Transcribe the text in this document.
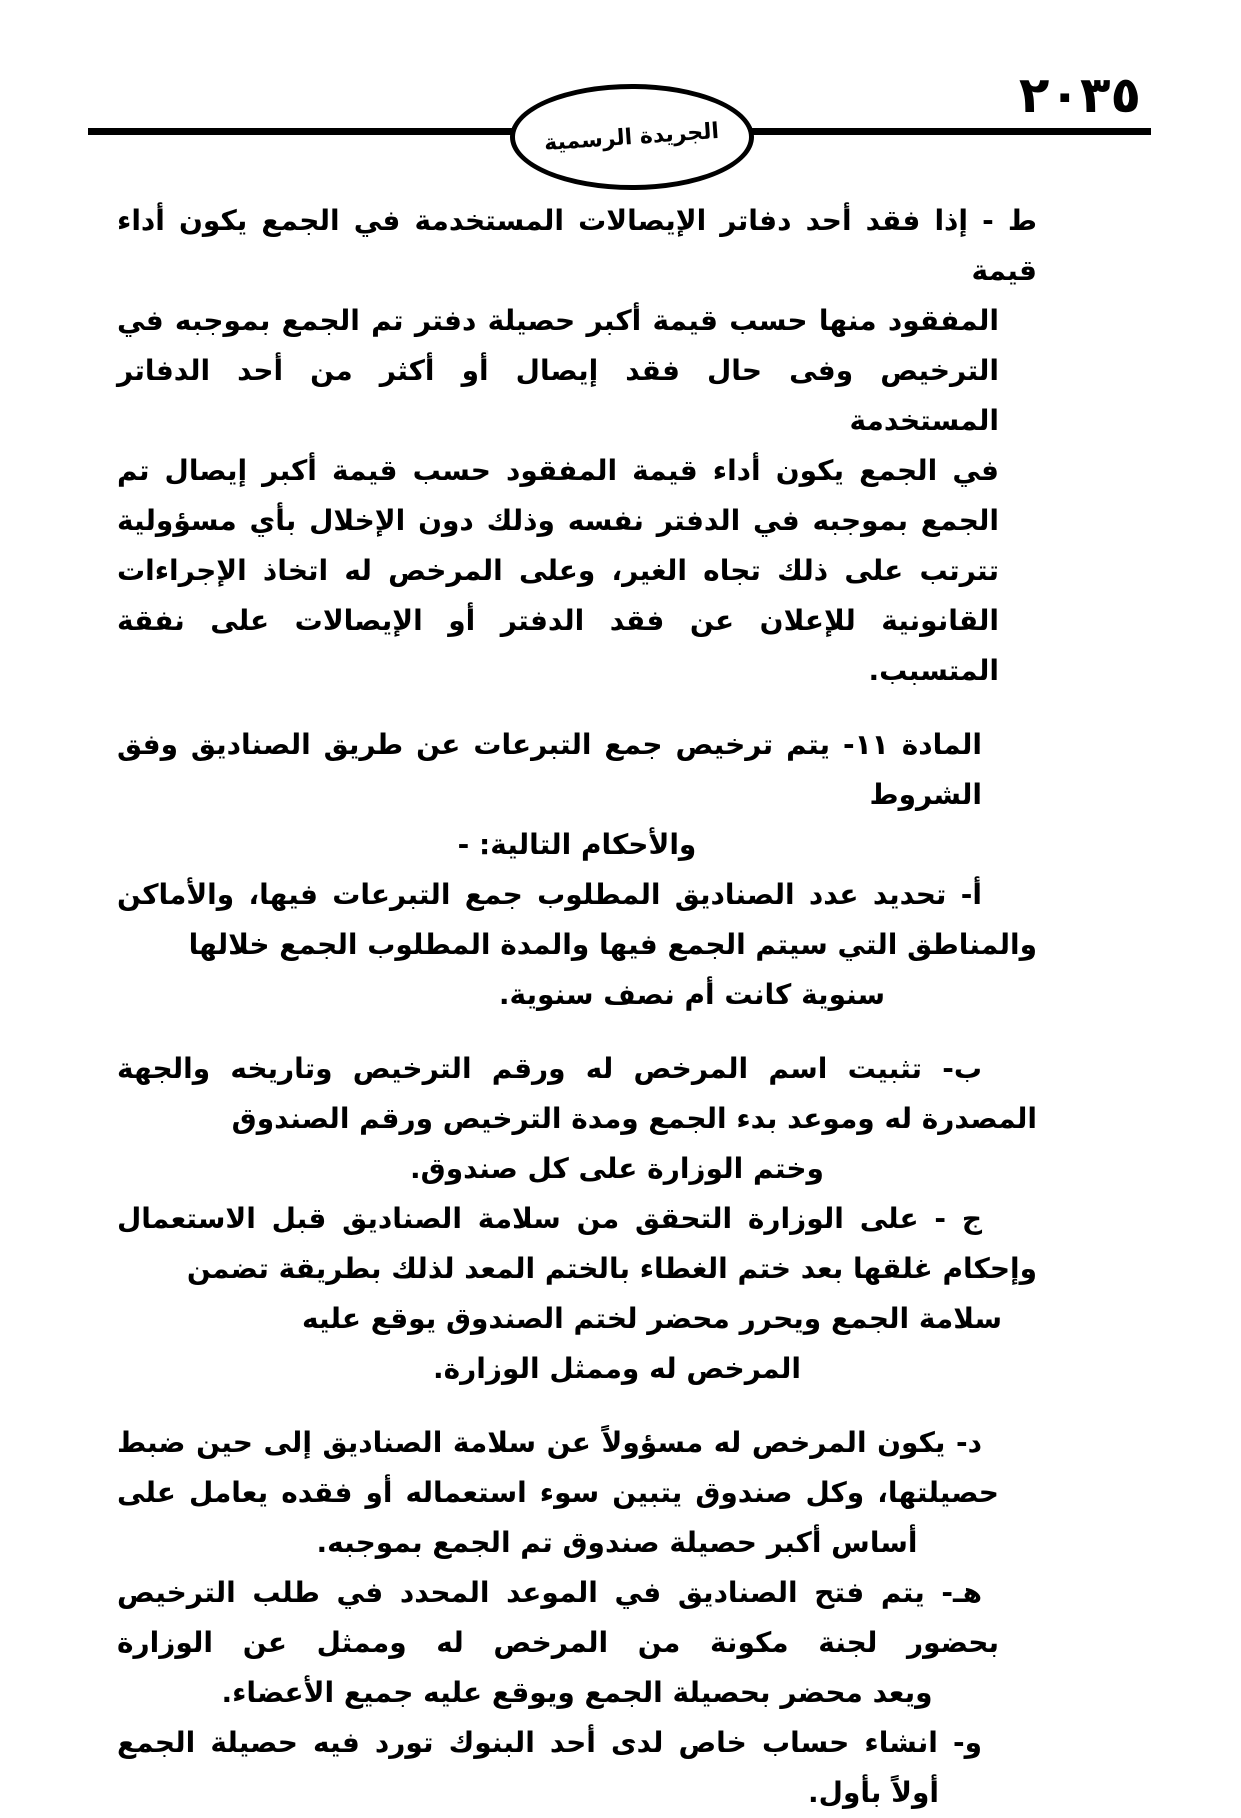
٢٠٣٥
الجريدة الرسمية
ط - إذا فقد أحد دفاتر الإيصالات المستخدمة في الجمع يكون أداء قيمة
المفقود منها حسب قيمة أكبر حصيلة دفتر تم الجمع بموجبه في
الترخيص وفى حال فقد إيصال أو أكثر من أحد الدفاتر المستخدمة
في الجمع يكون أداء قيمة المفقود حسب قيمة أكبر إيصال تم
الجمع بموجبه في الدفتر نفسه وذلك دون الإخلال بأي مسؤولية
تترتب على ذلك تجاه الغير، وعلى المرخص له اتخاذ الإجراءات
القانونية للإعلان عن فقد الدفتر أو الإيصالات على نفقة المتسبب.
المادة ١١- يتم ترخيص جمع التبرعات عن طريق الصناديق وفق الشروط
والأحكام التالية: -
أ- تحديد عدد الصناديق المطلوب جمع التبرعات فيها، والأماكن
والمناطق التي سيتم الجمع فيها والمدة المطلوب الجمع خلالها
سنوية كانت أم نصف سنوية.
ب- تثبيت اسم المرخص له ورقم الترخيص وتاريخه والجهة
المصدرة له وموعد بدء الجمع ومدة الترخيص ورقم الصندوق
وختم الوزارة على كل صندوق.
ج - على الوزارة التحقق من سلامة الصناديق قبل الاستعمال
وإحكام غلقها بعد ختم الغطاء بالختم المعد لذلك بطريقة تضمن
سلامة الجمع ويحرر محضر لختم الصندوق يوقع عليه
المرخص له وممثل الوزارة.
د- يكون المرخص له مسؤولاً عن سلامة الصناديق إلى حين ضبط
حصيلتها، وكل صندوق يتبين سوء استعماله أو فقده يعامل على
أساس أكبر حصيلة صندوق تم الجمع بموجبه.
هـ- يتم فتح الصناديق في الموعد المحدد في طلب الترخيص
بحضور لجنة مكونة من المرخص له وممثل عن الوزارة
ويعد محضر بحصيلة الجمع ويوقع عليه جميع الأعضاء.
و- انشاء حساب خاص لدى أحد البنوك تورد فيه حصيلة الجمع
أولاً بأول.
